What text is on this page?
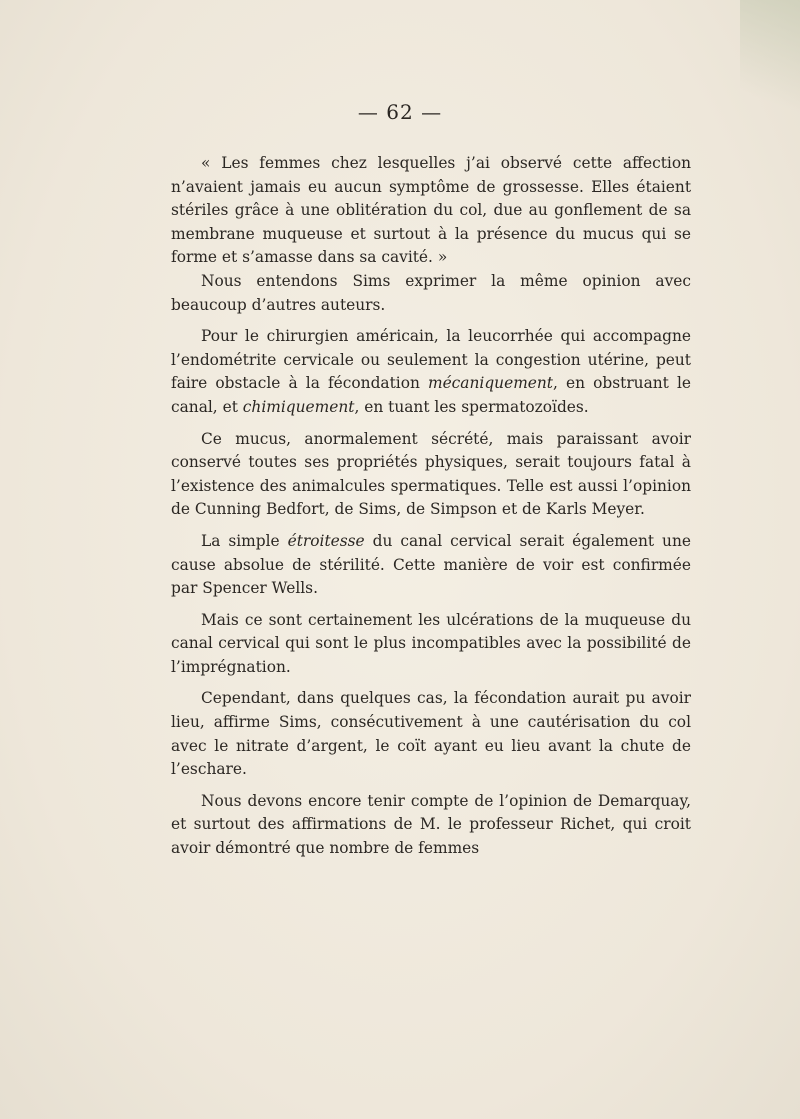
— 62 —

« Les femmes chez lesquelles j’ai observé cette affection n’avaient jamais eu aucun symptôme de grossesse. Elles étaient stériles grâce à une oblitération du col, due au gonflement de sa membrane muqueuse et surtout à la présence du mucus qui se forme et s’amasse dans sa cavité. »

Nous entendons Sims exprimer la même opinion avec beaucoup d’autres auteurs.

Pour le chirurgien américain, la leucorrhée qui accompagne l’endométrite cervicale ou seulement la congestion utérine, peut faire obstacle à la fécondation mécaniquement, en obstruant le canal, et chimiquement, en tuant les spermatozoïdes.

Ce mucus, anormalement sécrété, mais paraissant avoir conservé toutes ses propriétés physiques, serait toujours fatal à l’existence des animalcules spermatiques. Telle est aussi l’opinion de Cunning Bedfort, de Sims, de Simpson et de Karls Meyer.

La simple étroitesse du canal cervical serait également une cause absolue de stérilité. Cette manière de voir est confirmée par Spencer Wells.

Mais ce sont certainement les ulcérations de la muqueuse du canal cervical qui sont le plus incompatibles avec la possibilité de l’imprégnation.

Cependant, dans quelques cas, la fécondation aurait pu avoir lieu, affirme Sims, consécutivement à une cautérisation du col avec le nitrate d’argent, le coït ayant eu lieu avant la chute de l’eschare.

Nous devons encore tenir compte de l’opinion de Demarquay, et surtout des affirmations de M. le professeur Richet, qui croit avoir démontré que nombre de femmes
